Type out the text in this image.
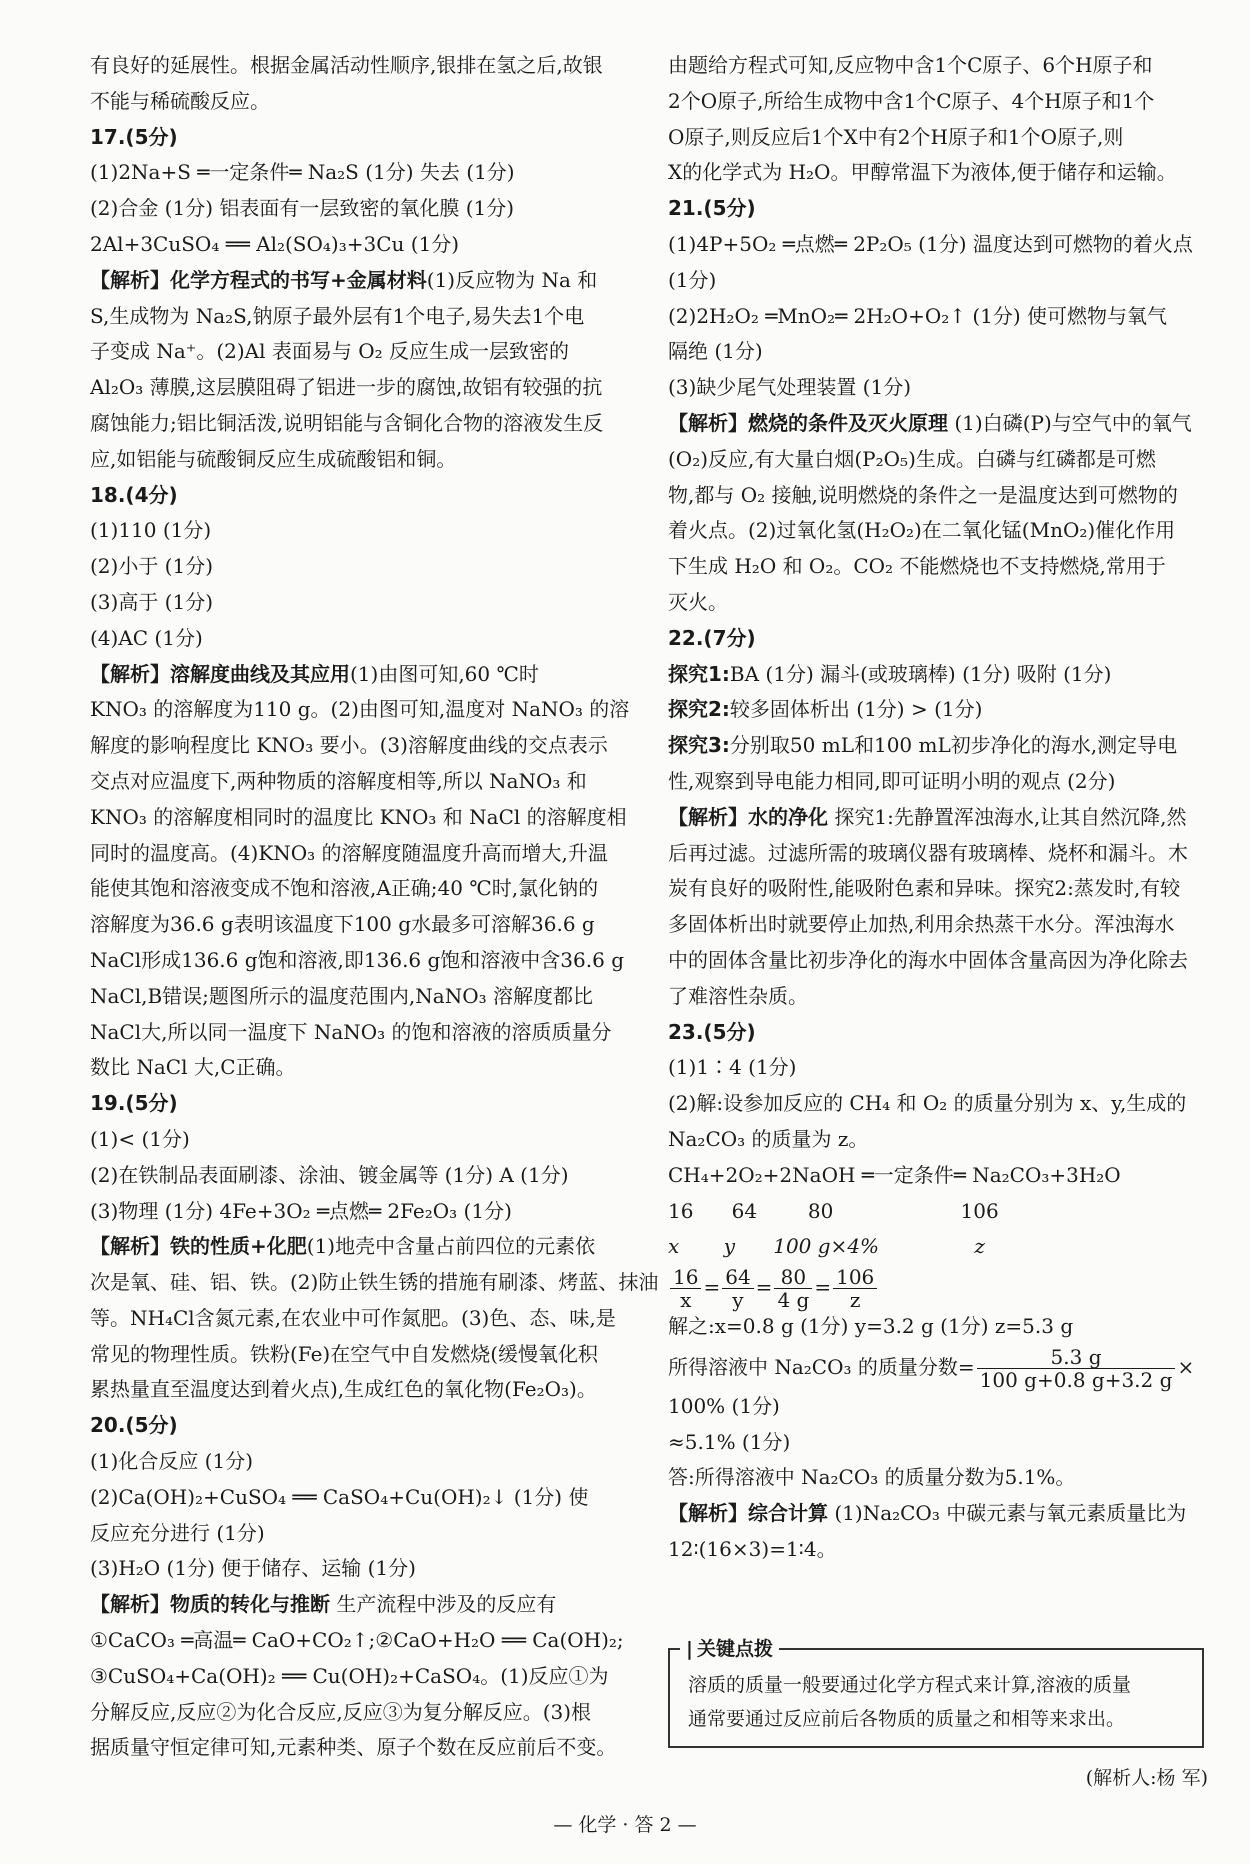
有良好的延展性。根据金属活动性顺序,银排在氢之后,故银
不能与稀硫酸反应。
17.(5分)
(1)2Na+S ═一定条件═ Na₂S (1分) 失去 (1分)
(2)合金 (1分) 铝表面有一层致密的氧化膜 (1分)
2Al+3CuSO₄ ══ Al₂(SO₄)₃+3Cu (1分)
【解析】化学方程式的书写+金属材料(1)反应物为 Na 和
S,生成物为 Na₂S,钠原子最外层有1个电子,易失去1个电
子变成 Na⁺。(2)Al 表面易与 O₂ 反应生成一层致密的
Al₂O₃ 薄膜,这层膜阻碍了铝进一步的腐蚀,故铝有较强的抗
腐蚀能力;铝比铜活泼,说明铝能与含铜化合物的溶液发生反
应,如铝能与硫酸铜反应生成硫酸铝和铜。
18.(4分)
(1)110 (1分)
(2)小于 (1分)
(3)高于 (1分)
(4)AC (1分)
【解析】溶解度曲线及其应用(1)由图可知,60 ℃时
KNO₃ 的溶解度为110 g。(2)由图可知,温度对 NaNO₃ 的溶
解度的影响程度比 KNO₃ 要小。(3)溶解度曲线的交点表示
交点对应温度下,两种物质的溶解度相等,所以 NaNO₃ 和
KNO₃ 的溶解度相同时的温度比 KNO₃ 和 NaCl 的溶解度相
同时的温度高。(4)KNO₃ 的溶解度随温度升高而增大,升温
能使其饱和溶液变成不饱和溶液,A正确;40 ℃时,氯化钠的
溶解度为36.6 g表明该温度下100 g水最多可溶解36.6 g
NaCl形成136.6 g饱和溶液,即136.6 g饱和溶液中含36.6 g
NaCl,B错误;题图所示的温度范围内,NaNO₃ 溶解度都比
NaCl大,所以同一温度下 NaNO₃ 的饱和溶液的溶质质量分
数比 NaCl 大,C正确。
19.(5分)
(1)< (1分)
(2)在铁制品表面刷漆、涂油、镀金属等 (1分) A (1分)
(3)物理 (1分) 4Fe+3O₂ ═点燃═ 2Fe₂O₃ (1分)
【解析】铁的性质+化肥(1)地壳中含量占前四位的元素依
次是氧、硅、铝、铁。(2)防止铁生锈的措施有刷漆、烤蓝、抹油
等。NH₄Cl含氮元素,在农业中可作氮肥。(3)色、态、味,是
常见的物理性质。铁粉(Fe)在空气中自发燃烧(缓慢氧化积
累热量直至温度达到着火点),生成红色的氧化物(Fe₂O₃)。
20.(5分)
(1)化合反应 (1分)
(2)Ca(OH)₂+CuSO₄ ══ CaSO₄+Cu(OH)₂↓ (1分) 使
反应充分进行 (1分)
(3)H₂O (1分) 便于储存、运输 (1分)
【解析】物质的转化与推断 生产流程中涉及的反应有
①CaCO₃ ═高温═ CaO+CO₂↑;②CaO+H₂O ══ Ca(OH)₂;
③CuSO₄+Ca(OH)₂ ══ Cu(OH)₂+CaSO₄。(1)反应①为
分解反应,反应②为化合反应,反应③为复分解反应。(3)根
据质量守恒定律可知,元素种类、原子个数在反应前后不变。
由题给方程式可知,反应物中含1个C原子、6个H原子和
2个O原子,所给生成物中含1个C原子、4个H原子和1个
O原子,则反应后1个X中有2个H原子和1个O原子,则
X的化学式为 H₂O。甲醇常温下为液体,便于储存和运输。
21.(5分)
(1)4P+5O₂ ═点燃═ 2P₂O₅ (1分) 温度达到可燃物的着火点
(1分)
(2)2H₂O₂ ═MnO₂═ 2H₂O+O₂↑ (1分) 使可燃物与氧气
隔绝 (1分)
(3)缺少尾气处理装置 (1分)
【解析】燃烧的条件及灭火原理 (1)白磷(P)与空气中的氧气
(O₂)反应,有大量白烟(P₂O₅)生成。白磷与红磷都是可燃
物,都与 O₂ 接触,说明燃烧的条件之一是温度达到可燃物的
着火点。(2)过氧化氢(H₂O₂)在二氧化锰(MnO₂)催化作用
下生成 H₂O 和 O₂。CO₂ 不能燃烧也不支持燃烧,常用于
灭火。
22.(7分)
探究1:BA (1分) 漏斗(或玻璃棒) (1分) 吸附 (1分)
探究2:较多固体析出 (1分) > (1分)
探究3:分别取50 mL和100 mL初步净化的海水,测定导电
性,观察到导电能力相同,即可证明小明的观点 (2分)
【解析】水的净化 探究1:先静置浑浊海水,让其自然沉降,然
后再过滤。过滤所需的玻璃仪器有玻璃棒、烧杯和漏斗。木
炭有良好的吸附性,能吸附色素和异味。探究2:蒸发时,有较
多固体析出时就要停止加热,利用余热蒸干水分。浑浊海水
中的固体含量比初步净化的海水中固体含量高因为净化除去
了难溶性杂质。
23.(5分)
(1)1∶4 (1分)
(2)解:设参加反应的 CH₄ 和 O₂ 的质量分别为 x、y,生成的
Na₂CO₃ 的质量为 z。
CH₄+2O₂+2NaOH ═一定条件═ Na₂CO₃+3H₂O
16      64        80                    106
x       y      100 g×4%               z
$\frac{16}{x} = \frac{64}{y} = \frac{80}{4 g} = \frac{106}{z}$
解之:x=0.8 g (1分) y=3.2 g (1分) z=5.3 g
所得溶液中 Na₂CO₃ 的质量分数= $\frac{5.3 g}{100 g+0.8 g+3.2 g}$ ×
100% (1分)
≈5.1% (1分)
答:所得溶液中 Na₂CO₃ 的质量分数为5.1%。
【解析】综合计算 (1)Na₂CO₃ 中碳元素与氧元素质量比为
12∶(16×3)=1∶4。
| 关键点拨
溶质的质量一般要通过化学方程式来计算,溶液的质量
通常要通过反应前后各物质的质量之和相等来求出。
(解析人:杨 军)
— 化学 · 答 2 —
